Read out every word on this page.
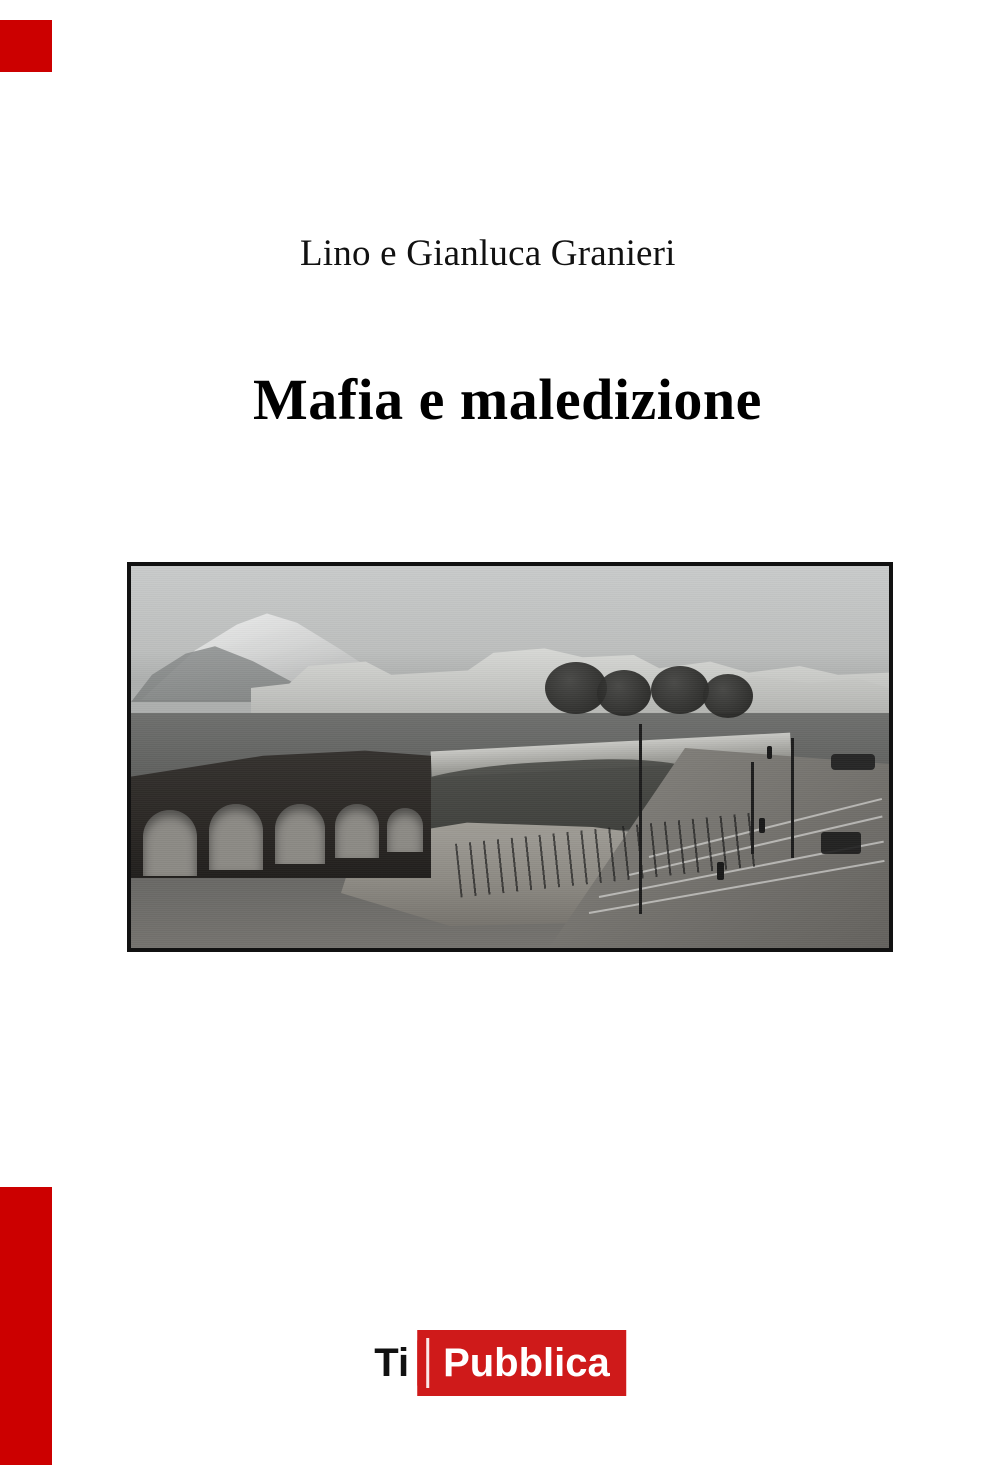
Lino e Gianluca Granieri
Mafia e maledizione
Ti Pubblica
